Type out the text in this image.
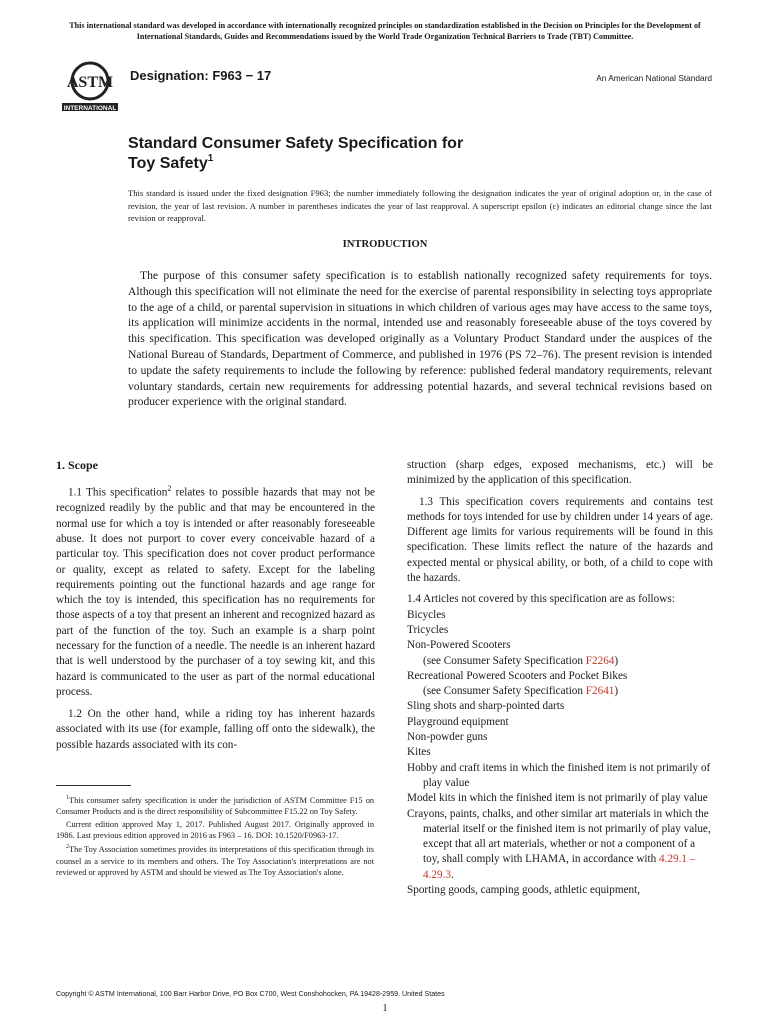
This international standard was developed in accordance with internationally recognized principles on standardization established in the Decision on Principles for the Development of International Standards, Guides and Recommendations issued by the World Trade Organization Technical Barriers to Trade (TBT) Committee.
ASTM
INTERNATIONAL
Designation: F963 − 17	An American National Standard
Standard Consumer Safety Specification for
Toy Safety$^1$
This standard is issued under the fixed designation F963; the number immediately following the designation indicates the year of original adoption or, in the case of revision, the year of last revision. A number in parentheses indicates the year of last reapproval. A superscript epsilon (ε) indicates an editorial change since the last revision or reapproval.
INTRODUCTION
The purpose of this consumer safety specification is to establish nationally recognized safety requirements for toys. Although this specification will not eliminate the need for the exercise of parental responsibility in selecting toys appropriate to the age of a child, or parental supervision in situations in which children of various ages may have access to the same toys, its application will minimize accidents in the normal, intended use and reasonably foreseeable abuse of the toys covered by this specification. This specification was developed originally as a Voluntary Product Standard under the auspices of the National Bureau of Standards, Department of Commerce, and published in 1976 (PS 72–76). The present revision is intended to update the safety requirements to include the following by reference: published federal mandatory requirements, relevant voluntary standards, certain new requirements for addressing potential hazards, and several technical revisions based on producer experience with the original standard.

1. Scope

1.1 This specification$^2$ relates to possible hazards that may not be recognized readily by the public and that may be encountered in the normal use for which a toy is intended or after reasonably foreseeable abuse. It does not purport to cover every conceivable hazard of a particular toy. This specification does not cover product performance or quality, except as related to safety. Except for the labeling requirements pointing out the functional hazards and age range for which the toy is intended, this specification has no requirements for those aspects of a toy that present an inherent and recognized hazard as part of the function of the toy. Such an example is a sharp point necessary for the function of a needle. The needle is an inherent hazard that is well understood by the purchaser of a toy sewing kit, and this hazard is communicated to the user as part of the normal educational process.

1.2 On the other hand, while a riding toy has inherent hazards associated with its use (for example, falling off onto the sidewalk), the possible hazards associated with its con-

$^1$This consumer safety specification is under the jurisdiction of ASTM Committee F15 on Consumer Products and is the direct responsibility of Subcommittee F15.22 on Toy Safety.

Current edition approved May 1, 2017. Published August 2017. Originally approved in 1986. Last previous edition approved in 2016 as F963 – 16. DOI: 10.1520/F0963-17.

$^2$The Toy Association sometimes provides its interpretations of this specification through its counsel as a service to its members and others. The Toy Association's interpretations are not reviewed or approved by ASTM and should be viewed as The Toy Association's alone.

struction (sharp edges, exposed mechanisms, etc.) will be minimized by the application of this specification.

1.3 This specification covers requirements and contains test methods for toys intended for use by children under 14 years of age. Different age limits for various requirements will be found in this specification. These limits reflect the nature of the hazards and expected mental or physical ability, or both, of a child to cope with the hazards.

1.4 Articles not covered by this specification are as follows:

Bicycles
Tricycles
Non-Powered Scooters
(see Consumer Safety Specification F2264)
Recreational Powered Scooters and Pocket Bikes
(see Consumer Safety Specification F2641)
Sling shots and sharp-pointed darts
Playground equipment
Non-powder guns
Kites
Hobby and craft items in which the finished item is not primarily of play value
Model kits in which the finished item is not primarily of play value
Crayons, paints, chalks, and other similar art materials in which the material itself or the finished item is not primarily of play value, except that all art materials, whether or not a component of a toy, shall comply with LHAMA, in accordance with 4.29.1 – 4.29.3.
Sporting goods, camping goods, athletic equipment,
Copyright © ASTM International, 100 Barr Harbor Drive, PO Box C700, West Conshohocken, PA 19428-2959. United States
1
